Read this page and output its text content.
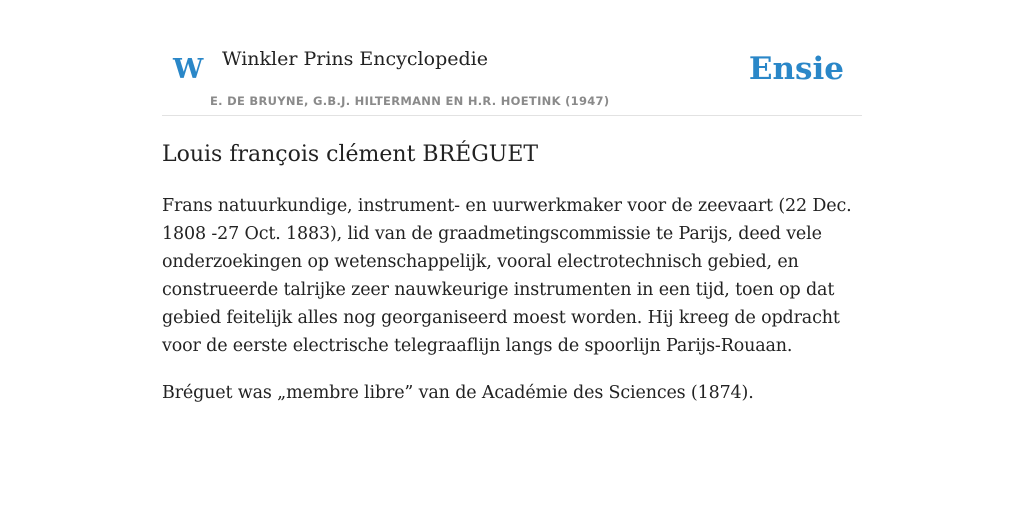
W Winkler Prins Encyclopedie
E. DE BRUYNE, G.B.J. HILTERMANN EN H.R. HOETINK (1947)
Ensie
Louis françois clément BRÉGUET

Frans natuurkundige, instrument- en uurwerkmaker voor de zeevaart (22 Dec. 1808 -27 Oct. 1883), lid van de graadmetingscommissie te Parijs, deed vele onderzoekingen op wetenschappelijk, vooral electrotechnisch gebied, en construeerde talrijke zeer nauwkeurige instrumenten in een tijd, toen op dat gebied feitelijk alles nog georganiseerd moest worden. Hij kreeg de opdracht voor de eerste electrische telegraaflijn langs de spoorlijn Parijs-Rouaan.

Bréguet was „membre libre” van de Académie des Sciences (1874).
